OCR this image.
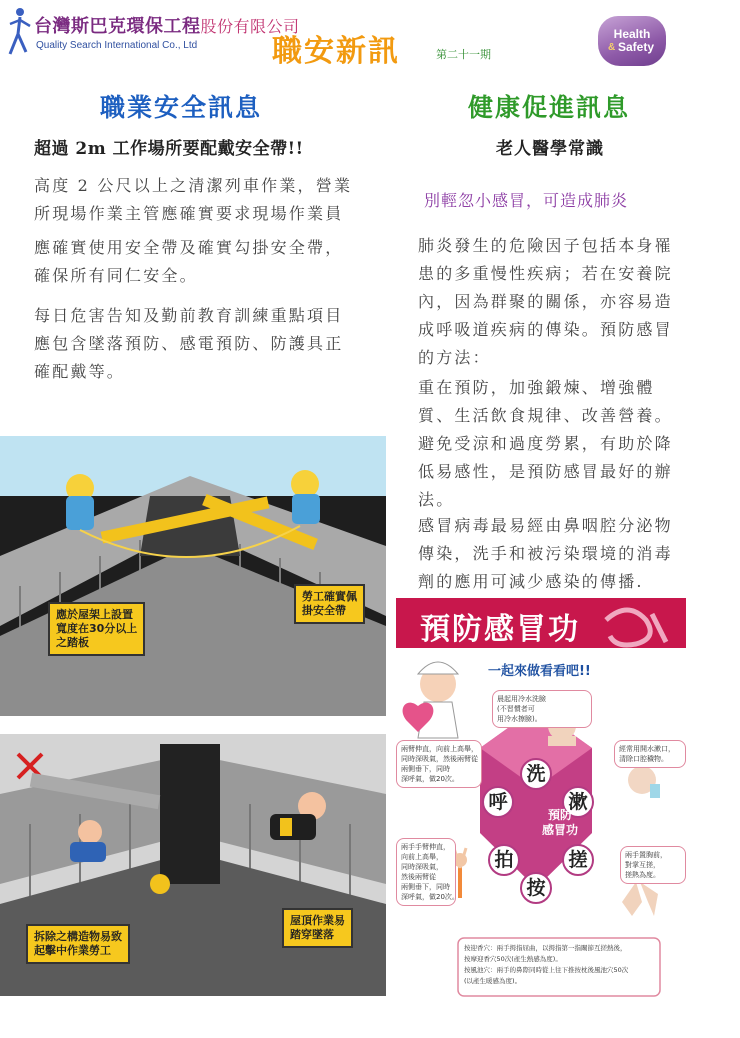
台灣斯巴克環保工程股份有限公司
Quality Search International Co., Ltd 職安新訊	第二十一期
Health
& Safety
職業安全訊息	健康促進訊息
超過 2m 工作場所要配戴安全帶!!	老人醫學常識
高度 2 公尺以上之清潔列車作業，營業
所現場作業主管應確實要求現場作業員
應確實使用安全帶及確實勾掛安全帶，
確保所有同仁安全。
每日危害告知及勤前教育訓練重點項目
應包含墜落預防、感電預防、防護具正
確配戴等。
別輕忽小感冒，可造成肺炎
肺炎發生的危險因子包括本身罹
患的多重慢性疾病；若在安養院
內，因為群聚的關係，亦容易造
成呼吸道疾病的傳染。預防感冒
的方法：
重在預防，加強鍛煉、增強體
質、生活飲食規律、改善營養。
避免受涼和過度勞累，有助於降
低易感性，是預防感冒最好的辦
法。
感冒病毒最易經由鼻咽腔分泌物
傳染，洗手和被污染環境的消毒
劑的應用可減少感染的傳播.
應於屋架上設置
寬度在30分以上
之踏板
勞工確實佩
掛安全帶
拆除之構造物易致
起擊中作業勞工
屋頂作業易
踏穿墜落
預防感冒功
一起來做看看吧!!
晨起用冷水洗臉
(不習慣者可
用冷水擦臉)。
兩臂伸直，向前上高舉，
同時深吸氣，然後兩臂從
兩側垂下，同時
深呼氣，做20次。
經常用開水漱口，
清除口腔穢物。
兩手手臂伸直，
向前上高舉，
同時深吸氣，
然後兩臂從
兩側垂下，同時
深呼氣，做20次。
兩手置胸前，
對掌互搓，
搓熱為度。
洗
呼	漱
拍	搓
按
預防
感冒功
按迎香穴：兩手拇指屈曲，以拇指第一指關節互搓熱後，
按摩迎香穴50次(產生熱感為度)。
按風池穴：兩手的鼻際同時從上往下推按枕後風池穴50次
(以產生暖感為度)。
